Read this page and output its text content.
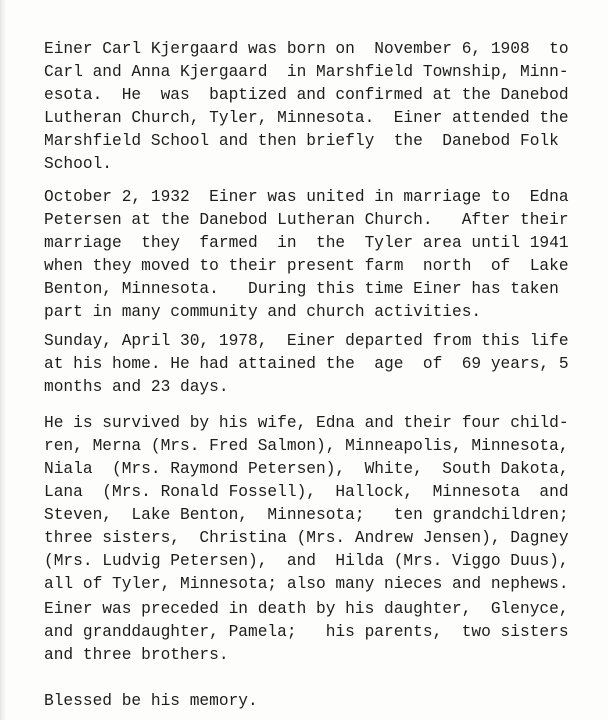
Einer Carl Kjergaard was born on  November 6, 1908  to
Carl and Anna Kjergaard  in Marshfield Township, Minn-
esota.  He  was  baptized and confirmed at the Danebod
Lutheran Church, Tyler, Minnesota.  Einer attended the
Marshfield School and then briefly  the  Danebod Folk
School.

October 2, 1932  Einer was united in marriage to  Edna
Petersen at the Danebod Lutheran Church.   After their
marriage  they  farmed  in  the  Tyler area until 1941
when they moved to their present farm  north  of  Lake
Benton, Minnesota.   During this time Einer has taken
part in many community and church activities.

Sunday, April 30, 1978,  Einer departed from this life
at his home. He had attained the  age  of  69 years, 5
months and 23 days.

He is survived by his wife, Edna and their four child-
ren, Merna (Mrs. Fred Salmon), Minneapolis, Minnesota,
Niala  (Mrs. Raymond Petersen),  White,  South Dakota,
Lana  (Mrs. Ronald Fossell),  Hallock,  Minnesota  and
Steven,  Lake Benton,  Minnesota;   ten grandchildren;
three sisters,  Christina (Mrs. Andrew Jensen), Dagney
(Mrs. Ludvig Petersen),  and  Hilda (Mrs. Viggo Duus),
all of Tyler, Minnesota; also many nieces and nephews.

Einer was preceded in death by his daughter,  Glenyce,
and granddaughter, Pamela;   his parents,  two sisters
and three brothers.

Blessed be his memory.
